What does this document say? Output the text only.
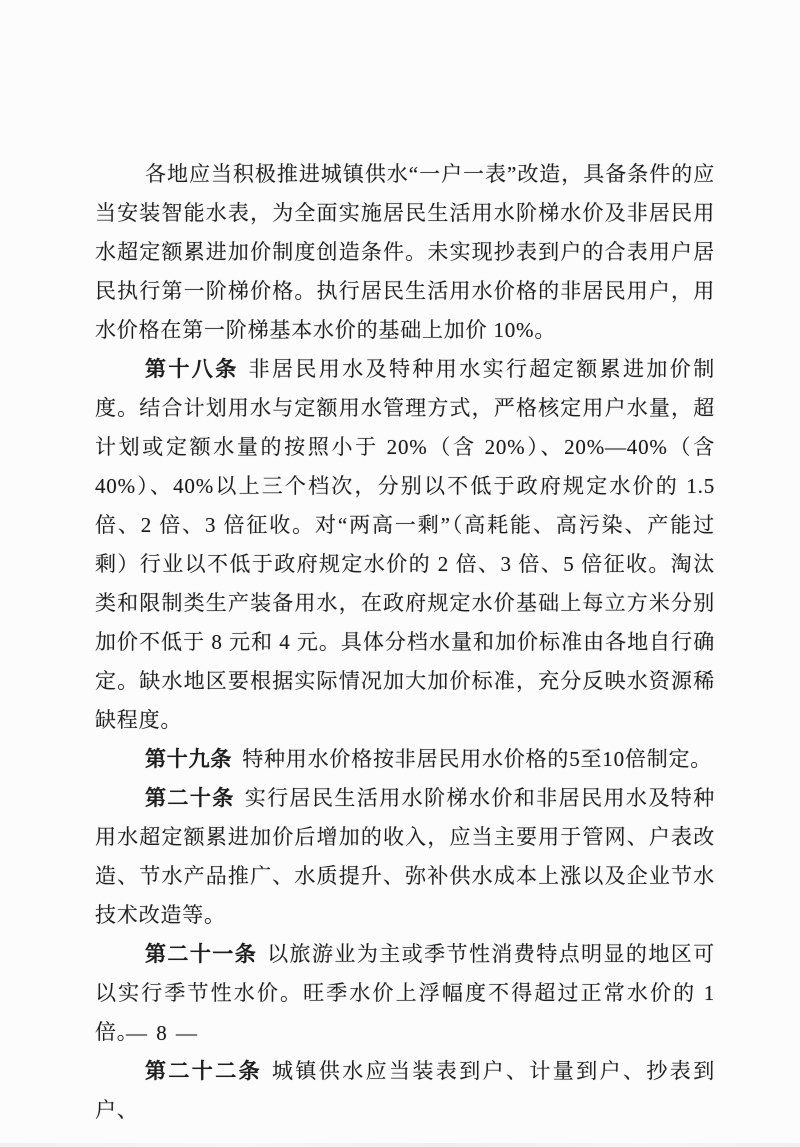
各地应当积极推进城镇供水“一户一表”改造，具备条件的应当安装智能水表，为全面实施居民生活用水阶梯水价及非居民用水超定额累进加价制度创造条件。未实现抄表到户的合表用户居民执行第一阶梯价格。执行居民生活用水价格的非居民用户，用水价格在第一阶梯基本水价的基础上加价 10%。

第十八条 非居民用水及特种用水实行超定额累进加价制度。结合计划用水与定额用水管理方式，严格核定用户水量，超计划或定额水量的按照小于 20%（含 20%）、20%—40%（含 40%）、40%以上三个档次，分别以不低于政府规定水价的 1.5 倍、2 倍、3 倍征收。对“两高一剩”（高耗能、高污染、产能过剩）行业以不低于政府规定水价的 2 倍、3 倍、5 倍征收。淘汰类和限制类生产装备用水，在政府规定水价基础上每立方米分别加价不低于 8 元和 4 元。具体分档水量和加价标准由各地自行确定。缺水地区要根据实际情况加大加价标准，充分反映水资源稀缺程度。

第十九条 特种用水价格按非居民用水价格的5至10倍制定。

第二十条 实行居民生活用水阶梯水价和非居民用水及特种用水超定额累进加价后增加的收入，应当主要用于管网、户表改造、节水产品推广、水质提升、弥补供水成本上涨以及企业节水技术改造等。

第二十一条 以旅游业为主或季节性消费特点明显的地区可以实行季节性水价。旺季水价上浮幅度不得超过正常水价的 1 倍。

第二十二条 城镇供水应当装表到户、计量到户、抄表到户、

— 8 —
